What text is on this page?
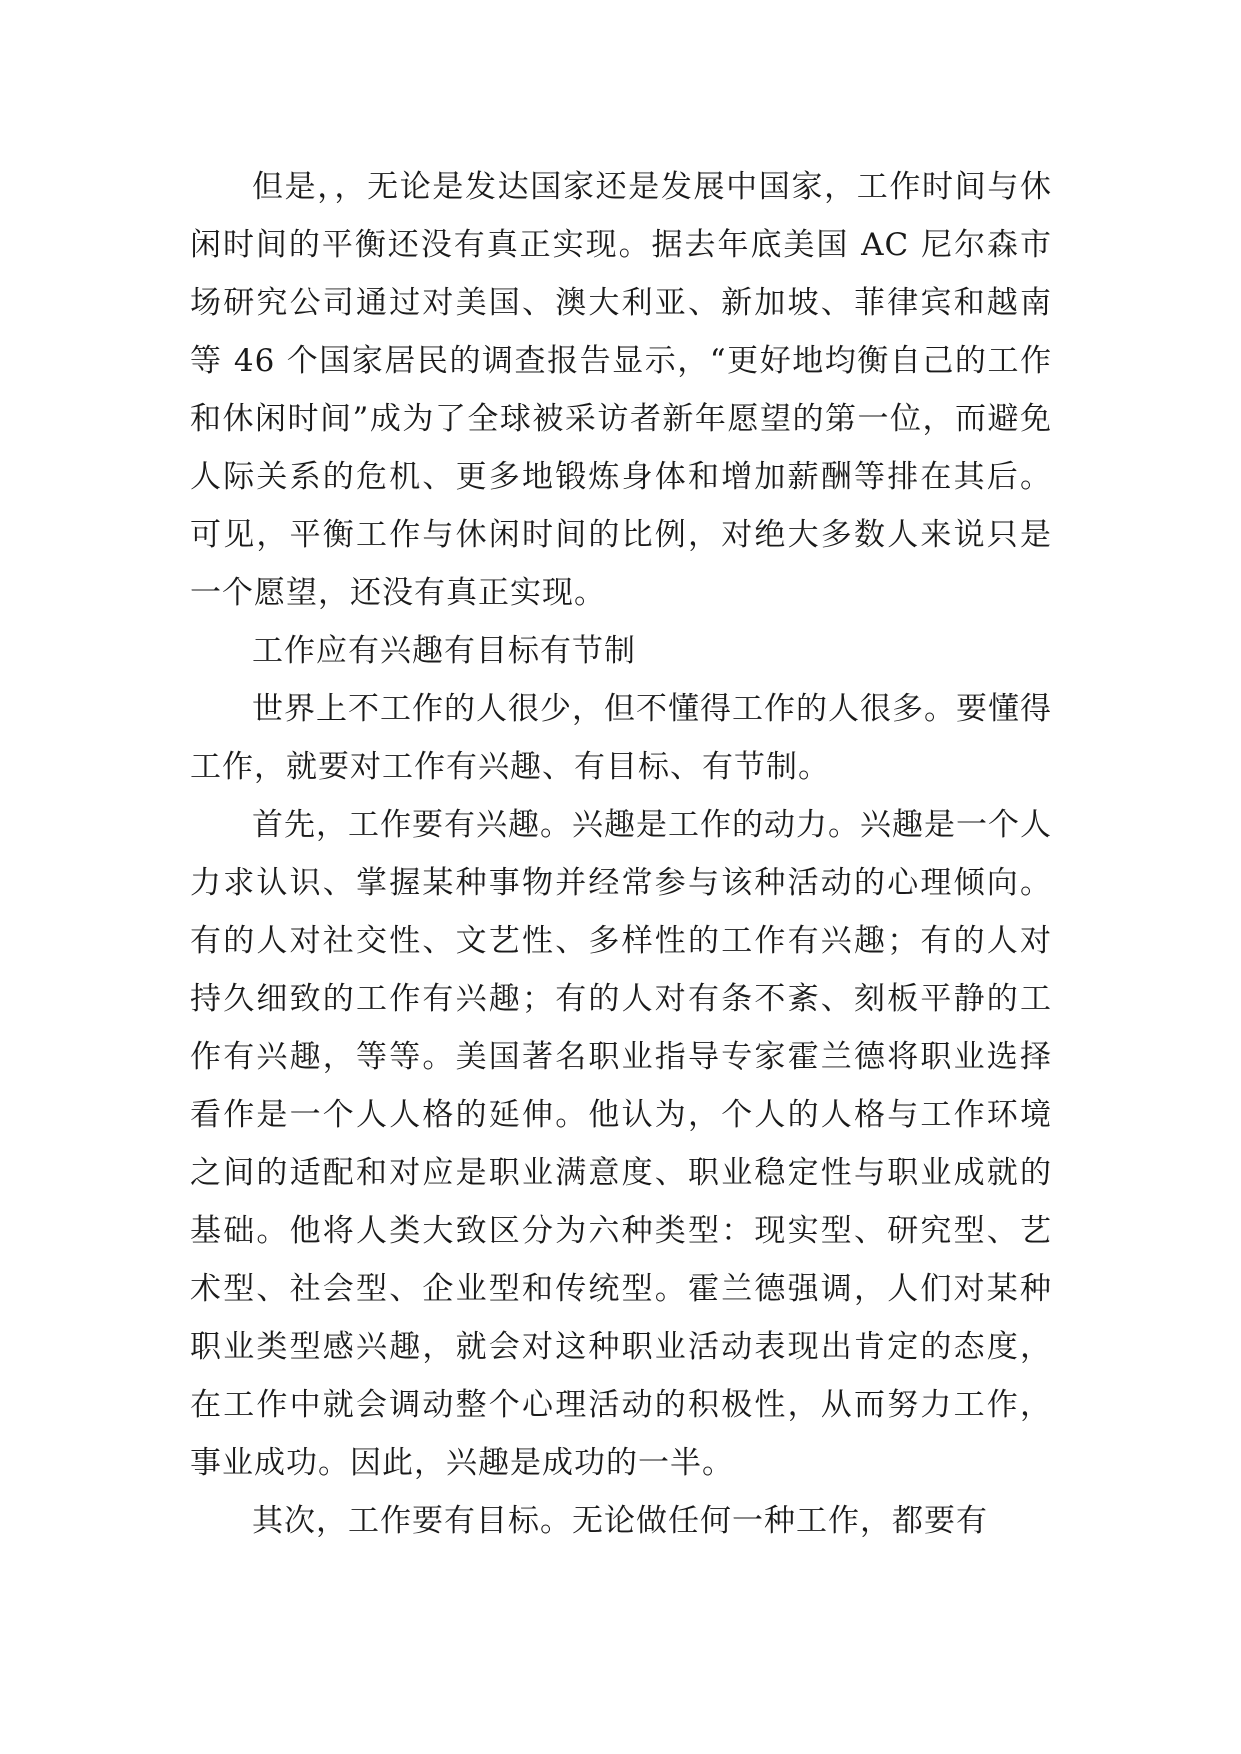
但是，，无论是发达国家还是发展中国家，工作时间与休闲时间的平衡还没有真正实现。据去年底美国 AC 尼尔森市场研究公司通过对美国、澳大利亚、新加坡、菲律宾和越南等 46 个国家居民的调查报告显示，“更好地均衡自己的工作和休闲时间”成为了全球被采访者新年愿望的第一位，而避免人际关系的危机、更多地锻炼身体和增加薪酬等排在其后。可见，平衡工作与休闲时间的比例，对绝大多数人来说只是一个愿望，还没有真正实现。

工作应有兴趣有目标有节制

世界上不工作的人很少，但不懂得工作的人很多。要懂得工作，就要对工作有兴趣、有目标、有节制。

首先，工作要有兴趣。兴趣是工作的动力。兴趣是一个人力求认识、掌握某种事物并经常参与该种活动的心理倾向。有的人对社交性、文艺性、多样性的工作有兴趣；有的人对持久细致的工作有兴趣；有的人对有条不紊、刻板平静的工作有兴趣，等等。美国著名职业指导专家霍兰德将职业选择看作是一个人人格的延伸。他认为，个人的人格与工作环境之间的适配和对应是职业满意度、职业稳定性与职业成就的基础。他将人类大致区分为六种类型：现实型、研究型、艺术型、社会型、企业型和传统型。霍兰德强调，人们对某种职业类型感兴趣，就会对这种职业活动表现出肯定的态度，在工作中就会调动整个心理活动的积极性，从而努力工作，事业成功。因此，兴趣是成功的一半。

其次，工作要有目标。无论做任何一种工作，都要有
